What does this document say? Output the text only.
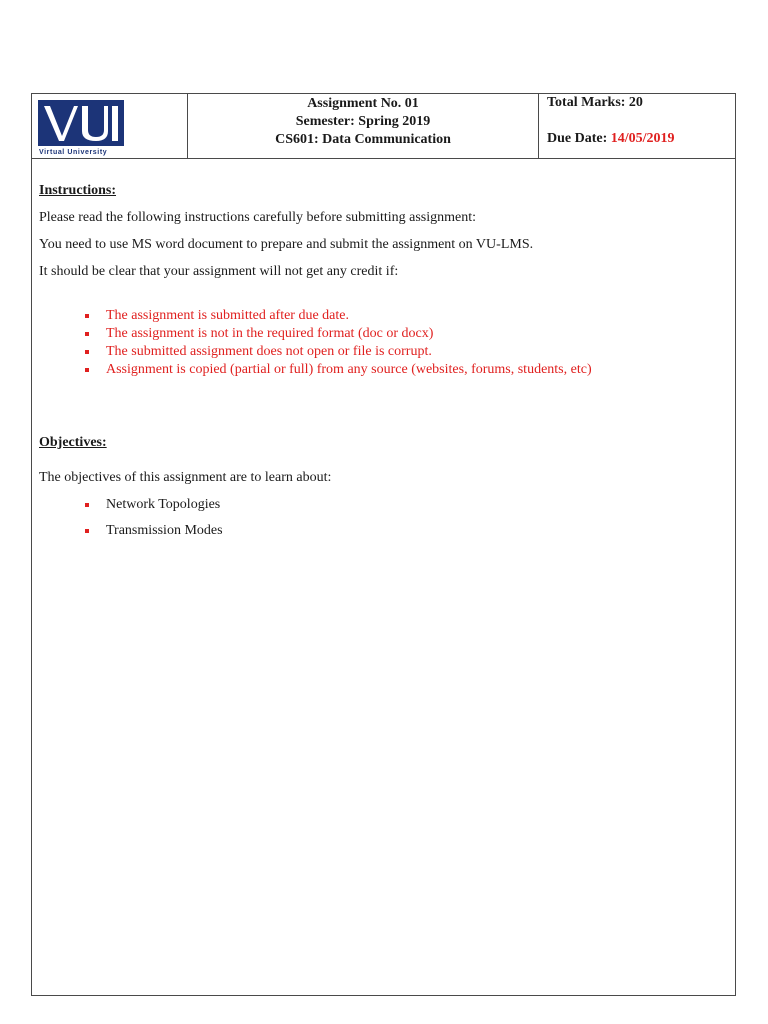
Virtual University
Assignment No. 01
Semester: Spring 2019
CS601: Data Communication
Total Marks: 20
Due Date: 14/05/2019

Instructions:

Please read the following instructions carefully before submitting assignment:

You need to use MS word document to prepare and submit the assignment on VU-LMS.

It should be clear that your assignment will not get any credit if:

The assignment is submitted after due date.
The assignment is not in the required format (doc or docx)
The submitted assignment does not open or file is corrupt.
Assignment is copied (partial or full) from any source (websites, forums, students, etc)

Objectives:

The objectives of this assignment are to learn about:

Network Topologies
Transmission Modes
